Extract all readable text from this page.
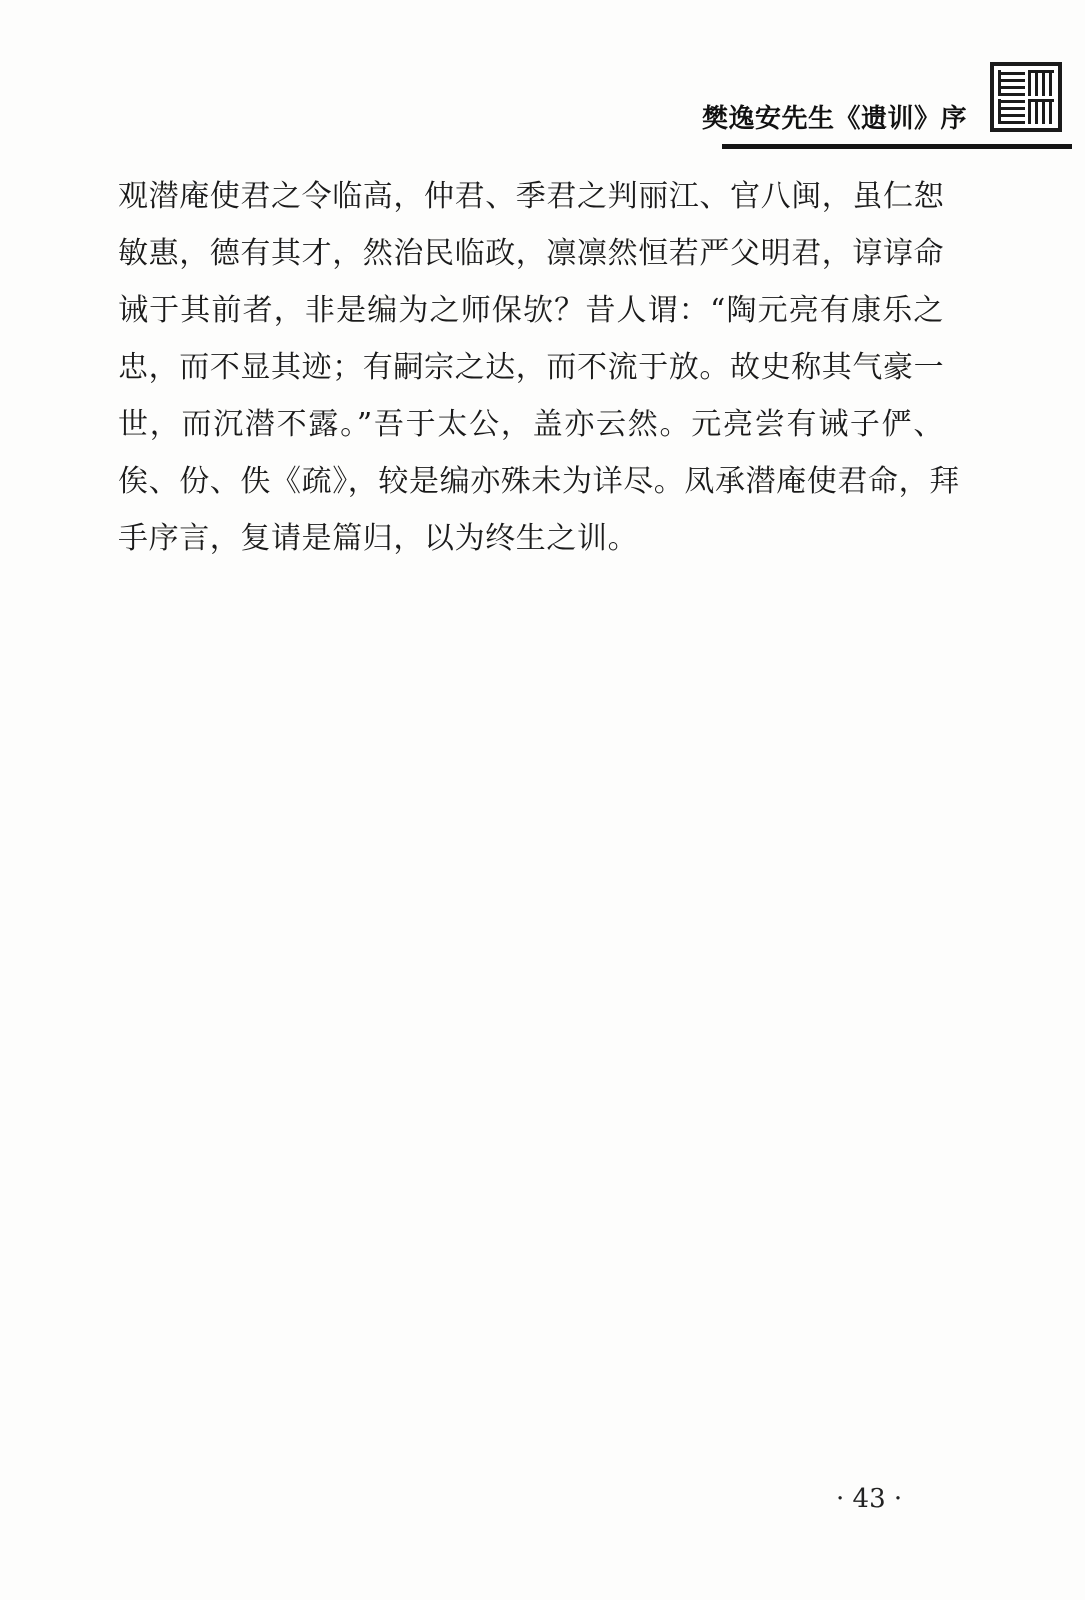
樊逸安先生《遗训》序

观潜庵使君之令临高，仲君、季君之判丽江、官八闽，虽仁恕
敏惠，德有其才，然治民临政，凛凛然恒若严父明君，谆谆命
诫于其前者，非是编为之师保欤？昔人谓：“陶元亮有康乐之
忠，而不显其迹；有嗣宗之达，而不流于放。故史称其气豪一
世，而沉潜不露。”吾于太公，盖亦云然。元亮尝有诫子俨、
俟、份、佚《疏》，较是编亦殊未为详尽。凤承潜庵使君命，拜
手序言，复请是篇归，以为终生之训。

· 43 ·
